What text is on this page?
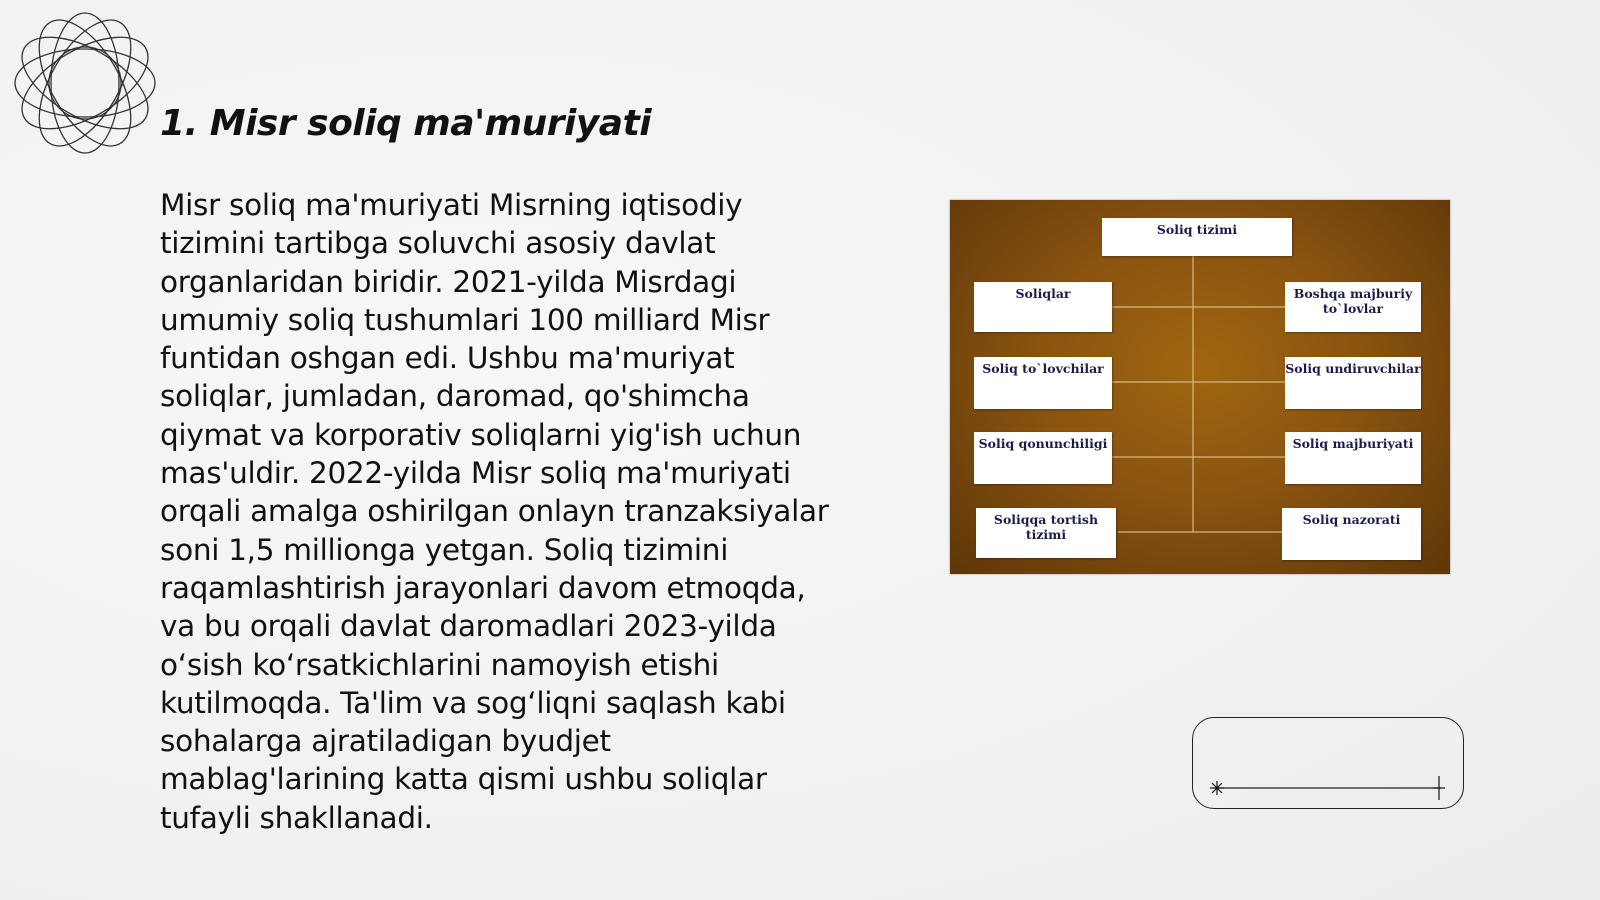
1. Misr soliq ma'muriyati

Misr soliq ma'muriyati Misrning iqtisodiy tizimini tartibga soluvchi asosiy davlat organlaridan biridir. 2021-yilda Misrdagi umumiy soliq tushumlari 100 milliard Misr funtidan oshgan edi. Ushbu ma'muriyat soliqlar, jumladan, daromad, qo'shimcha qiymat va korporativ soliqlarni yig'ish uchun mas'uldir. 2022-yilda Misr soliq ma'muriyati orqali amalga oshirilgan onlayn tranzaksiyalar soni 1,5 millionga yetgan. Soliq tizimini raqamlashtirish jarayonlari davom etmoqda, va bu orqali davlat daromadlari 2023-yilda o‘sish ko‘rsatkichlarini namoyish etishi kutilmoqda. Ta'lim va sog‘liqni saqlash kabi sohalarga ajratiladigan byudjet mablag'larining katta qismi ushbu soliqlar tufayli shakllanadi.

Soliq tizimi
Soliqlar
Soliq to`lovchilar
Soliq qonunchiligi
Soliqqa tortish tizimi
Boshqa majburiy to`lovlar
Soliq undiruvchilar
Soliq majburiyati
Soliq nazorati
